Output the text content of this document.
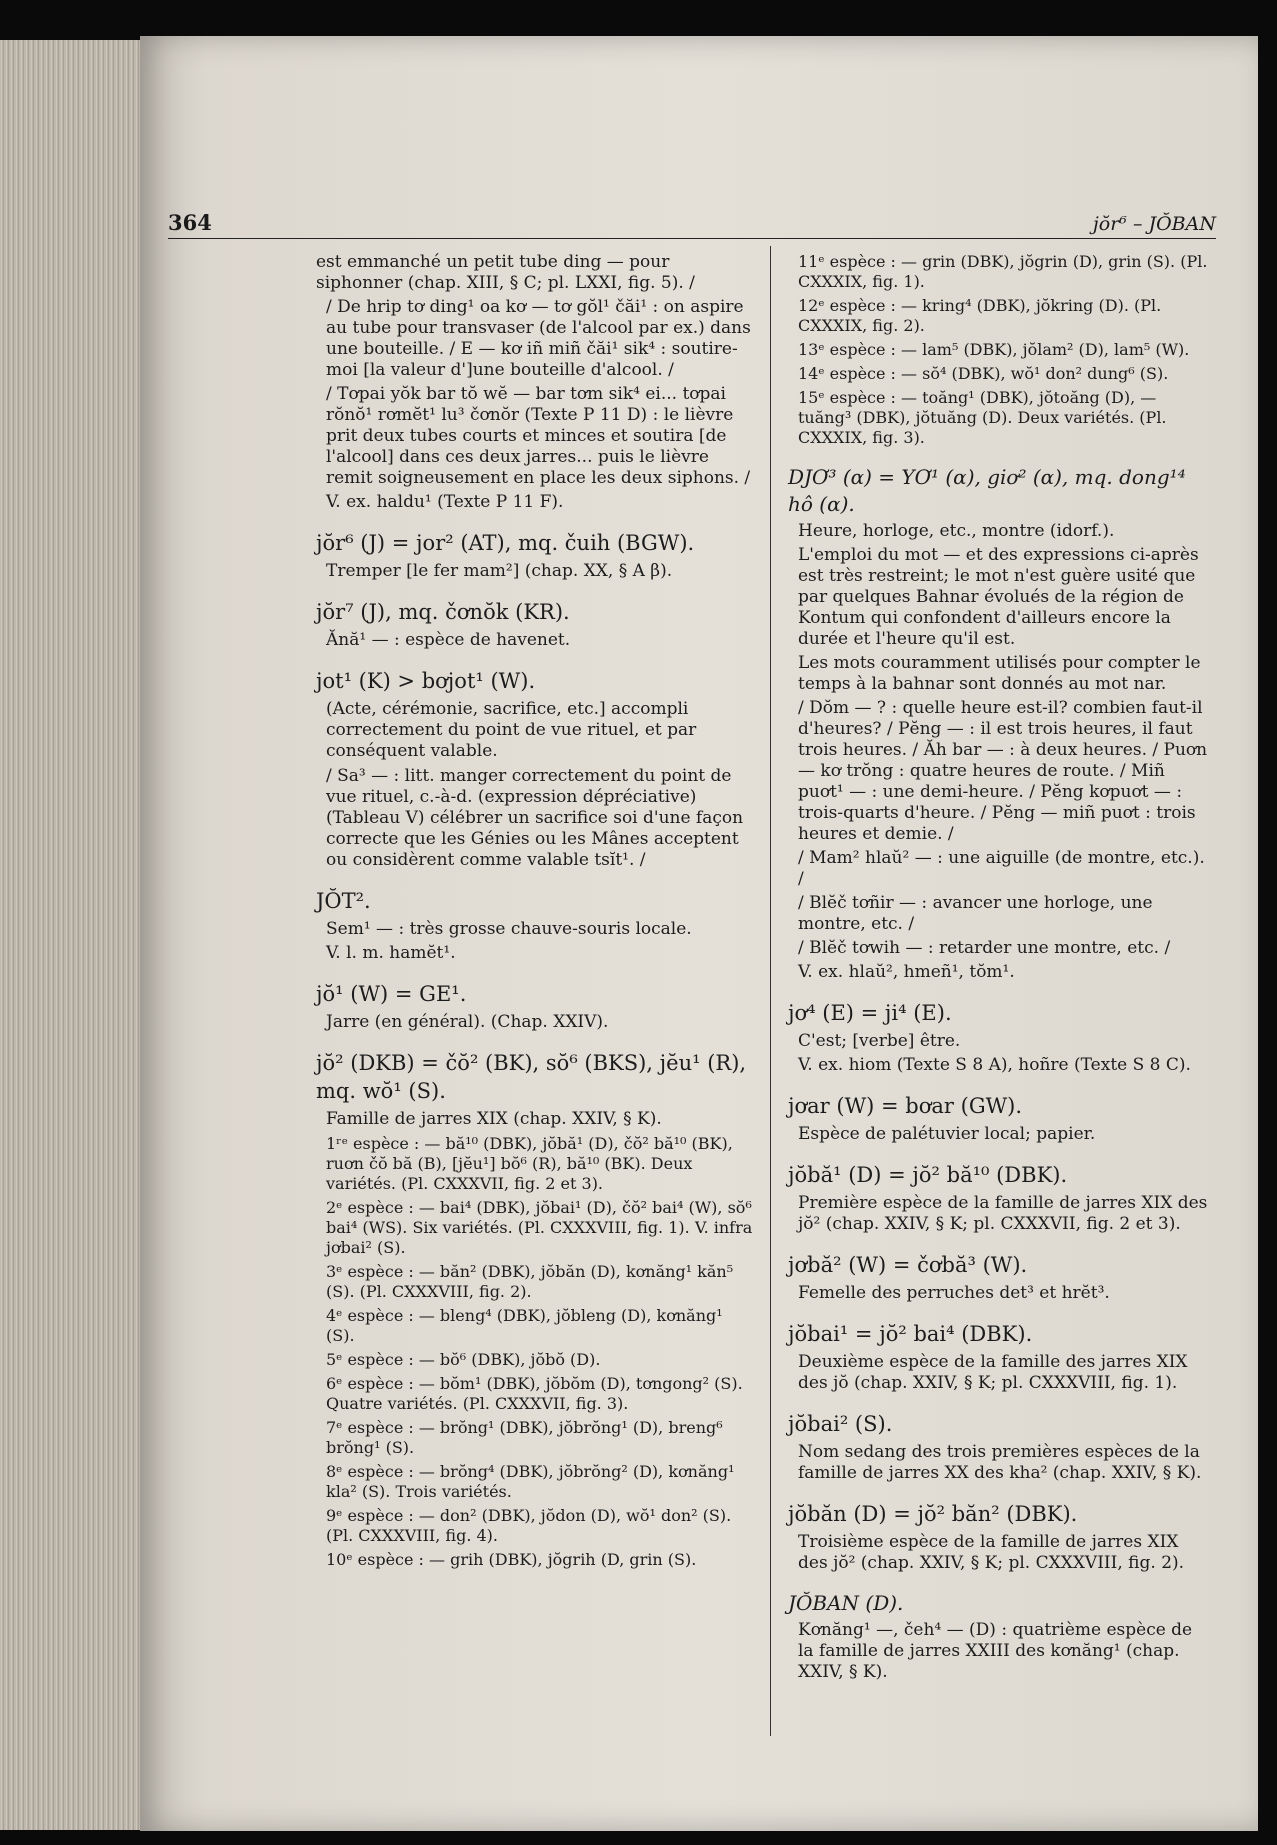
364	jŏr⁶ – JŎBAN

est emmanché un petit tube ding — pour siphonner (chap. XIII, § C; pl. LXXI, fig. 5). /

/ De hrip tơ ding¹ oa kơ — tơ gŏl¹ čăi¹ : on aspire au tube pour transvaser (de l'alcool par ex.) dans une bouteille. / E — kơ iñ miñ čăi¹ sik⁴ : soutire-moi [la valeur d']une bouteille d'alcool. /

/ Tơpai yŏk bar tŏ wĕ — bar tơm sik⁴ ei... tơpai rŏnŏ¹ rơmĕt¹ lu³ čơnŏr (Texte P 11 D) : le lièvre prit deux tubes courts et minces et soutira [de l'alcool] dans ces deux jarres... puis le lièvre remit soigneusement en place les deux siphons. /

V. ex. haldu¹ (Texte P 11 F).

jŏr⁶ (J) = jor² (AT), mq. čuih (BGW).

Tremper [le fer mam²] (chap. XX, § A β).

jŏr⁷ (J), mq. čơnŏk (KR).

Ănă¹ — : espèce de havenet.

jot¹ (K) > bơjot¹ (W).

(Acte, cérémonie, sacrifice, etc.] accompli correctement du point de vue rituel, et par conséquent valable.

/ Sa³ — : litt. manger correctement du point de vue rituel, c.-à-d. (expression dépréciative) (Tableau V) célébrer un sacrifice soi d'une façon correcte que les Génies ou les Mânes acceptent ou considèrent comme valable tsĭt¹. /

JŎT².

Sem¹ — : très grosse chauve-souris locale.

V. l. m. hamĕt¹.

jŏ¹ (W) = GE¹.

Jarre (en général). (Chap. XXIV).

jŏ² (DKB) = čŏ² (BK), sŏ⁶ (BKS), jĕu¹ (R), mq. wŏ¹ (S).

Famille de jarres XIX (chap. XXIV, § K).

1ʳᵉ espèce : — bă¹⁰ (DBK), jŏbă¹ (D), čŏ² bă¹⁰ (BK), ruơn čŏ bă (B), [jĕu¹] bŏ⁶ (R), bă¹⁰ (BK). Deux variétés. (Pl. CXXXVII, fig. 2 et 3).
2ᵉ espèce : — bai⁴ (DBK), jŏbai¹ (D), čŏ² bai⁴ (W), sŏ⁶ bai⁴ (WS). Six variétés. (Pl. CXXXVIII, fig. 1). V. infra jơbai² (S).
3ᵉ espèce : — băn² (DBK), jŏbăn (D), kơnăng¹ kăn⁵ (S). (Pl. CXXXVIII, fig. 2).
4ᵉ espèce : — bleng⁴ (DBK), jŏbleng (D), kơnăng¹ (S).
5ᵉ espèce : — bŏ⁶ (DBK), jŏbŏ (D).
6ᵉ espèce : — bŏm¹ (DBK), jŏbŏm (D), tơngong² (S). Quatre variétés. (Pl. CXXXVII, fig. 3).
7ᵉ espèce : — brŏng¹ (DBK), jŏbrŏng¹ (D), breng⁶ brŏng¹ (S).
8ᵉ espèce : — brŏng⁴ (DBK), jŏbrŏng² (D), kơnăng¹ kla² (S). Trois variétés.
9ᵉ espèce : — don² (DBK), jŏdon (D), wŏ¹ don² (S). (Pl. CXXXVIII, fig. 4).
10ᵉ espèce : — grih (DBK), jŏgrih (D, grin (S).
11ᵉ espèce : — grin (DBK), jŏgrin (D), grin (S). (Pl. CXXXIX, fig. 1).
12ᵉ espèce : — kring⁴ (DBK), jŏkring (D). (Pl. CXXXIX, fig. 2).
13ᵉ espèce : — lam⁵ (DBK), jŏlam² (D), lam⁵ (W).
14ᵉ espèce : — sŏ⁴ (DBK), wŏ¹ don² dung⁶ (S).
15ᵉ espèce : — toăng¹ (DBK), jŏtoăng (D), — tuăng³ (DBK), jŏtuăng (D). Deux variétés. (Pl. CXXXIX, fig. 3).
DJƠ³ (α) = YƠ¹ (α), giơ² (α), mq. dong¹⁴ hô (α).

Heure, horloge, etc., montre (idorf.).

L'emploi du mot — et des expressions ci-après est très restreint; le mot n'est guère usité que par quelques Bahnar évolués de la région de Kontum qui confondent d'ailleurs encore la durée et l'heure qu'il est.

Les mots couramment utilisés pour compter le temps à la bahnar sont donnés au mot nar.

/ Dŏm — ? : quelle heure est-il? combien faut-il d'heures? / Pĕng — : il est trois heures, il faut trois heures. / Ăh bar — : à deux heures. / Puơn — kơ trŏng : quatre heures de route. / Miñ puơt¹ — : une demi-heure. / Pĕng kơpuơt — : trois-quarts d'heure. / Pĕng — miñ puơt : trois heures et demie. /

/ Mam² hlaŭ² — : une aiguille (de montre, etc.). /

/ Blĕč tơñir — : avancer une horloge, une montre, etc. /

/ Blĕč tơwih — : retarder une montre, etc. /

V. ex. hlaŭ², hmeñ¹, tŏm¹.

jơ⁴ (E) = ji⁴ (E).

C'est; [verbe] être.

V. ex. hiom (Texte S 8 A), hoñre (Texte S 8 C).

jơar (W) = bơar (GW).

Espèce de palétuvier local; papier.

jŏbă¹ (D) = jŏ² bă¹⁰ (DBK).

Première espèce de la famille de jarres XIX des jŏ² (chap. XXIV, § K; pl. CXXXVII, fig. 2 et 3).

jơbă² (W) = čơbă³ (W).

Femelle des perruches det³ et hrĕt³.

jŏbai¹ = jŏ² bai⁴ (DBK).

Deuxième espèce de la famille des jarres XIX des jŏ (chap. XXIV, § K; pl. CXXXVIII, fig. 1).

jŏbai² (S).

Nom sedang des trois premières espèces de la famille de jarres XX des kha² (chap. XXIV, § K).

jŏbăn (D) = jŏ² băn² (DBK).

Troisième espèce de la famille de jarres XIX des jŏ² (chap. XXIV, § K; pl. CXXXVIII, fig. 2).

JŎBAN (D).

Kơnăng¹ —, čeh⁴ — (D) : quatrième espèce de la famille de jarres XXIII des kơnăng¹ (chap. XXIV, § K).
